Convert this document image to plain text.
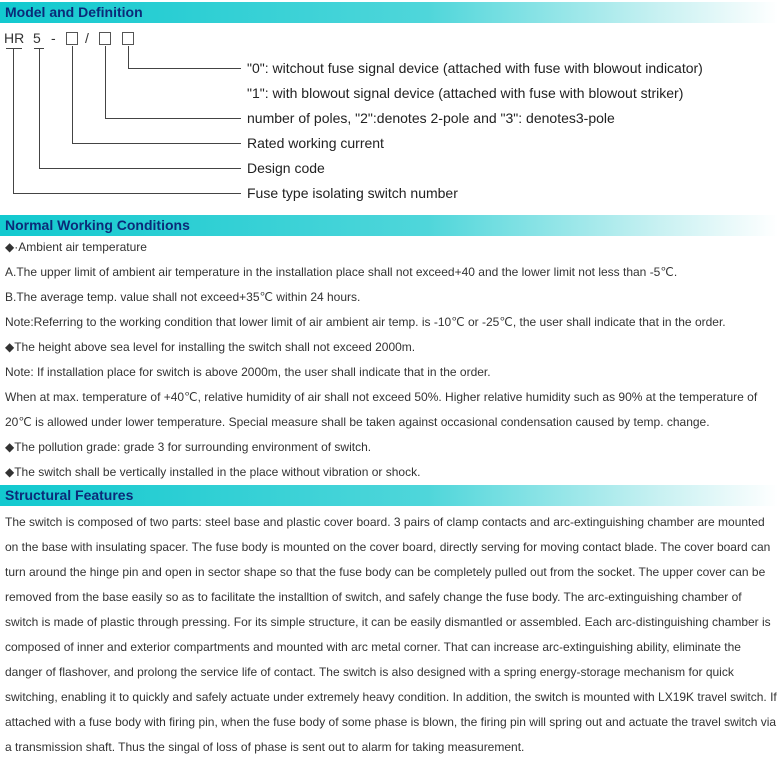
Model and Definition
HR 5 - /
"0": witchout fuse signal device (attached with fuse with blowout indicator)
"1": with blowout signal device (attached with fuse with blowout striker)
number of poles, "2":denotes 2-pole and "3": denotes3-pole
Rated working current
Design code
Fuse type isolating switch number
Normal Working Conditions
◆·Ambient air temperature
A.The upper limit of ambient air temperature in the installation place shall not exceed+40 and the lower limit not less than -5℃.
B.The average temp. value shall not exceed+35℃ within 24 hours.
Note:Referring to the working condition that lower limit of air ambient air temp. is -10℃ or -25℃, the user shall indicate that in the order.
◆The height above sea level for installing the switch shall not exceed 2000m.
Note: If installation place for switch is above 2000m, the user shall indicate that in the order.
When at max. temperature of +40℃, relative humidity of air shall not exceed 50%. Higher relative humidity such as 90% at the temperature of
20℃ is allowed under lower temperature. Special measure shall be taken against occasional condensation caused by temp. change.
◆The pollution grade: grade 3 for surrounding environment of switch.
◆The switch shall be vertically installed in the place without vibration or shock.
Structural Features
The switch is composed of two parts: steel base and plastic cover board. 3 pairs of clamp contacts and arc-extinguishing chamber are mounted on the base with insulating spacer. The fuse body is mounted on the cover board, directly serving for moving contact blade. The cover board can turn around the hinge pin and open in sector shape so that the fuse body can be completely pulled out from the socket. The upper cover can be removed from the base easily so as to facilitate the installtion of switch, and safely change the fuse body. The arc-extinguishing chamber of switch is made of plastic through pressing. For its simple structure, it can be easily dismantled or assembled. Each arc-distinguishing chamber is composed of inner and exterior compartments and mounted with arc metal corner. That can increase arc-extinguishing ability, eliminate the danger of flashover, and prolong the service life of contact. The switch is also designed with a spring energy-storage mechanism for quick switching, enabling it to quickly and safely actuate under extremely heavy condition. In addition, the switch is mounted with LX19K travel switch. If attached with a fuse body with firing pin, when the fuse body of some phase is blown, the firing pin will spring out and actuate the travel switch via a transmission shaft. Thus the singal of loss of phase is sent out to alarm for taking measurement.
